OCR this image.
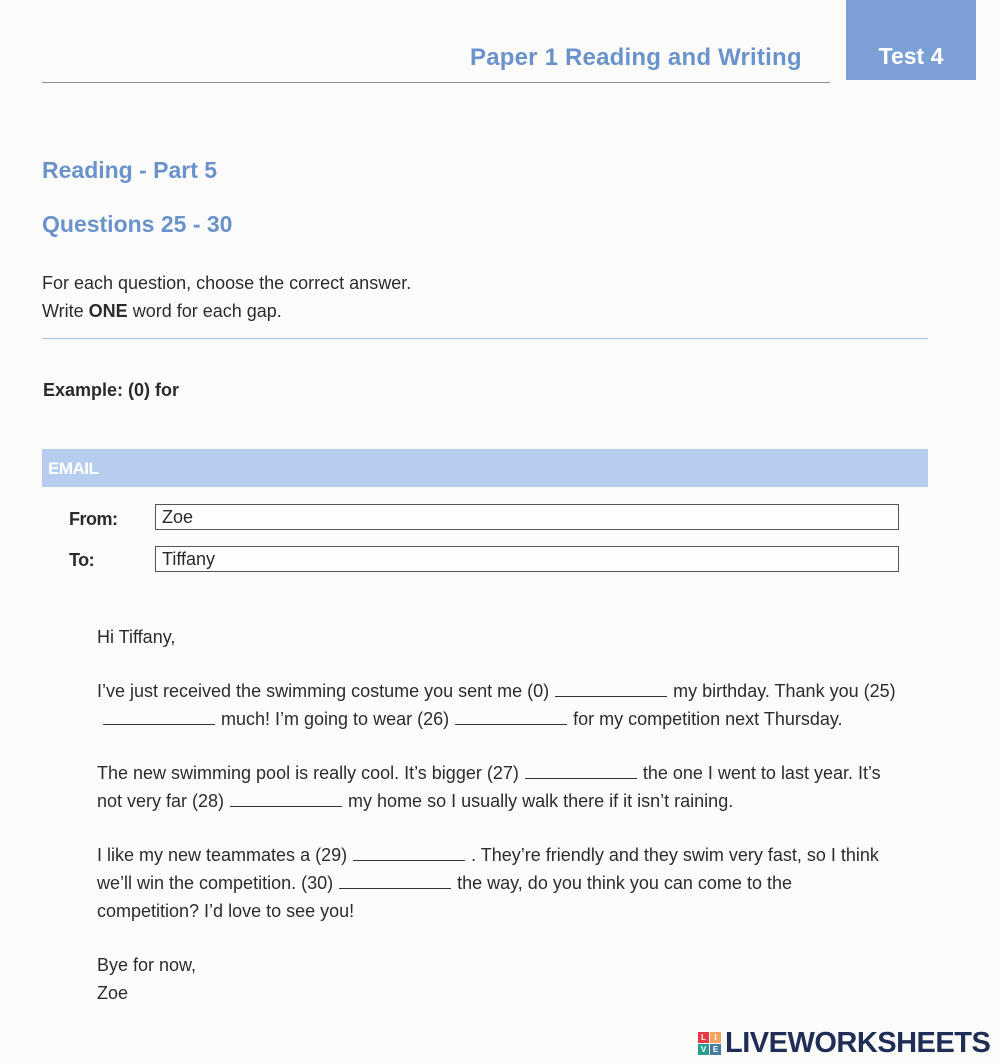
Paper 1 Reading and Writing	Test 4
Reading - Part 5
Questions 25 - 30
For each question, choose the correct answer.
Write ONE word for each gap.
Example: (0) for
EMAIL
From:	Zoe
To:	Tiffany

Hi Tiffany,

I’ve just received the swimming costume you sent me (0)	my birthday. Thank you (25)much! I’m going to wear (26)	for my competition next Thursday.

The new swimming pool is really cool. It’s bigger (27)	the one I went to last year. It’s not very far (28)	my home so I usually walk there if it isn’t raining.

I like my new teammates a (29)	. They’re friendly and they swim very fast, so I think we’ll win the competition. (30)	the way, do you think you can come to the competition? I’d love to see you!

Bye for now,
Zoe
L	I
V E LIVEWORKSHEETS
